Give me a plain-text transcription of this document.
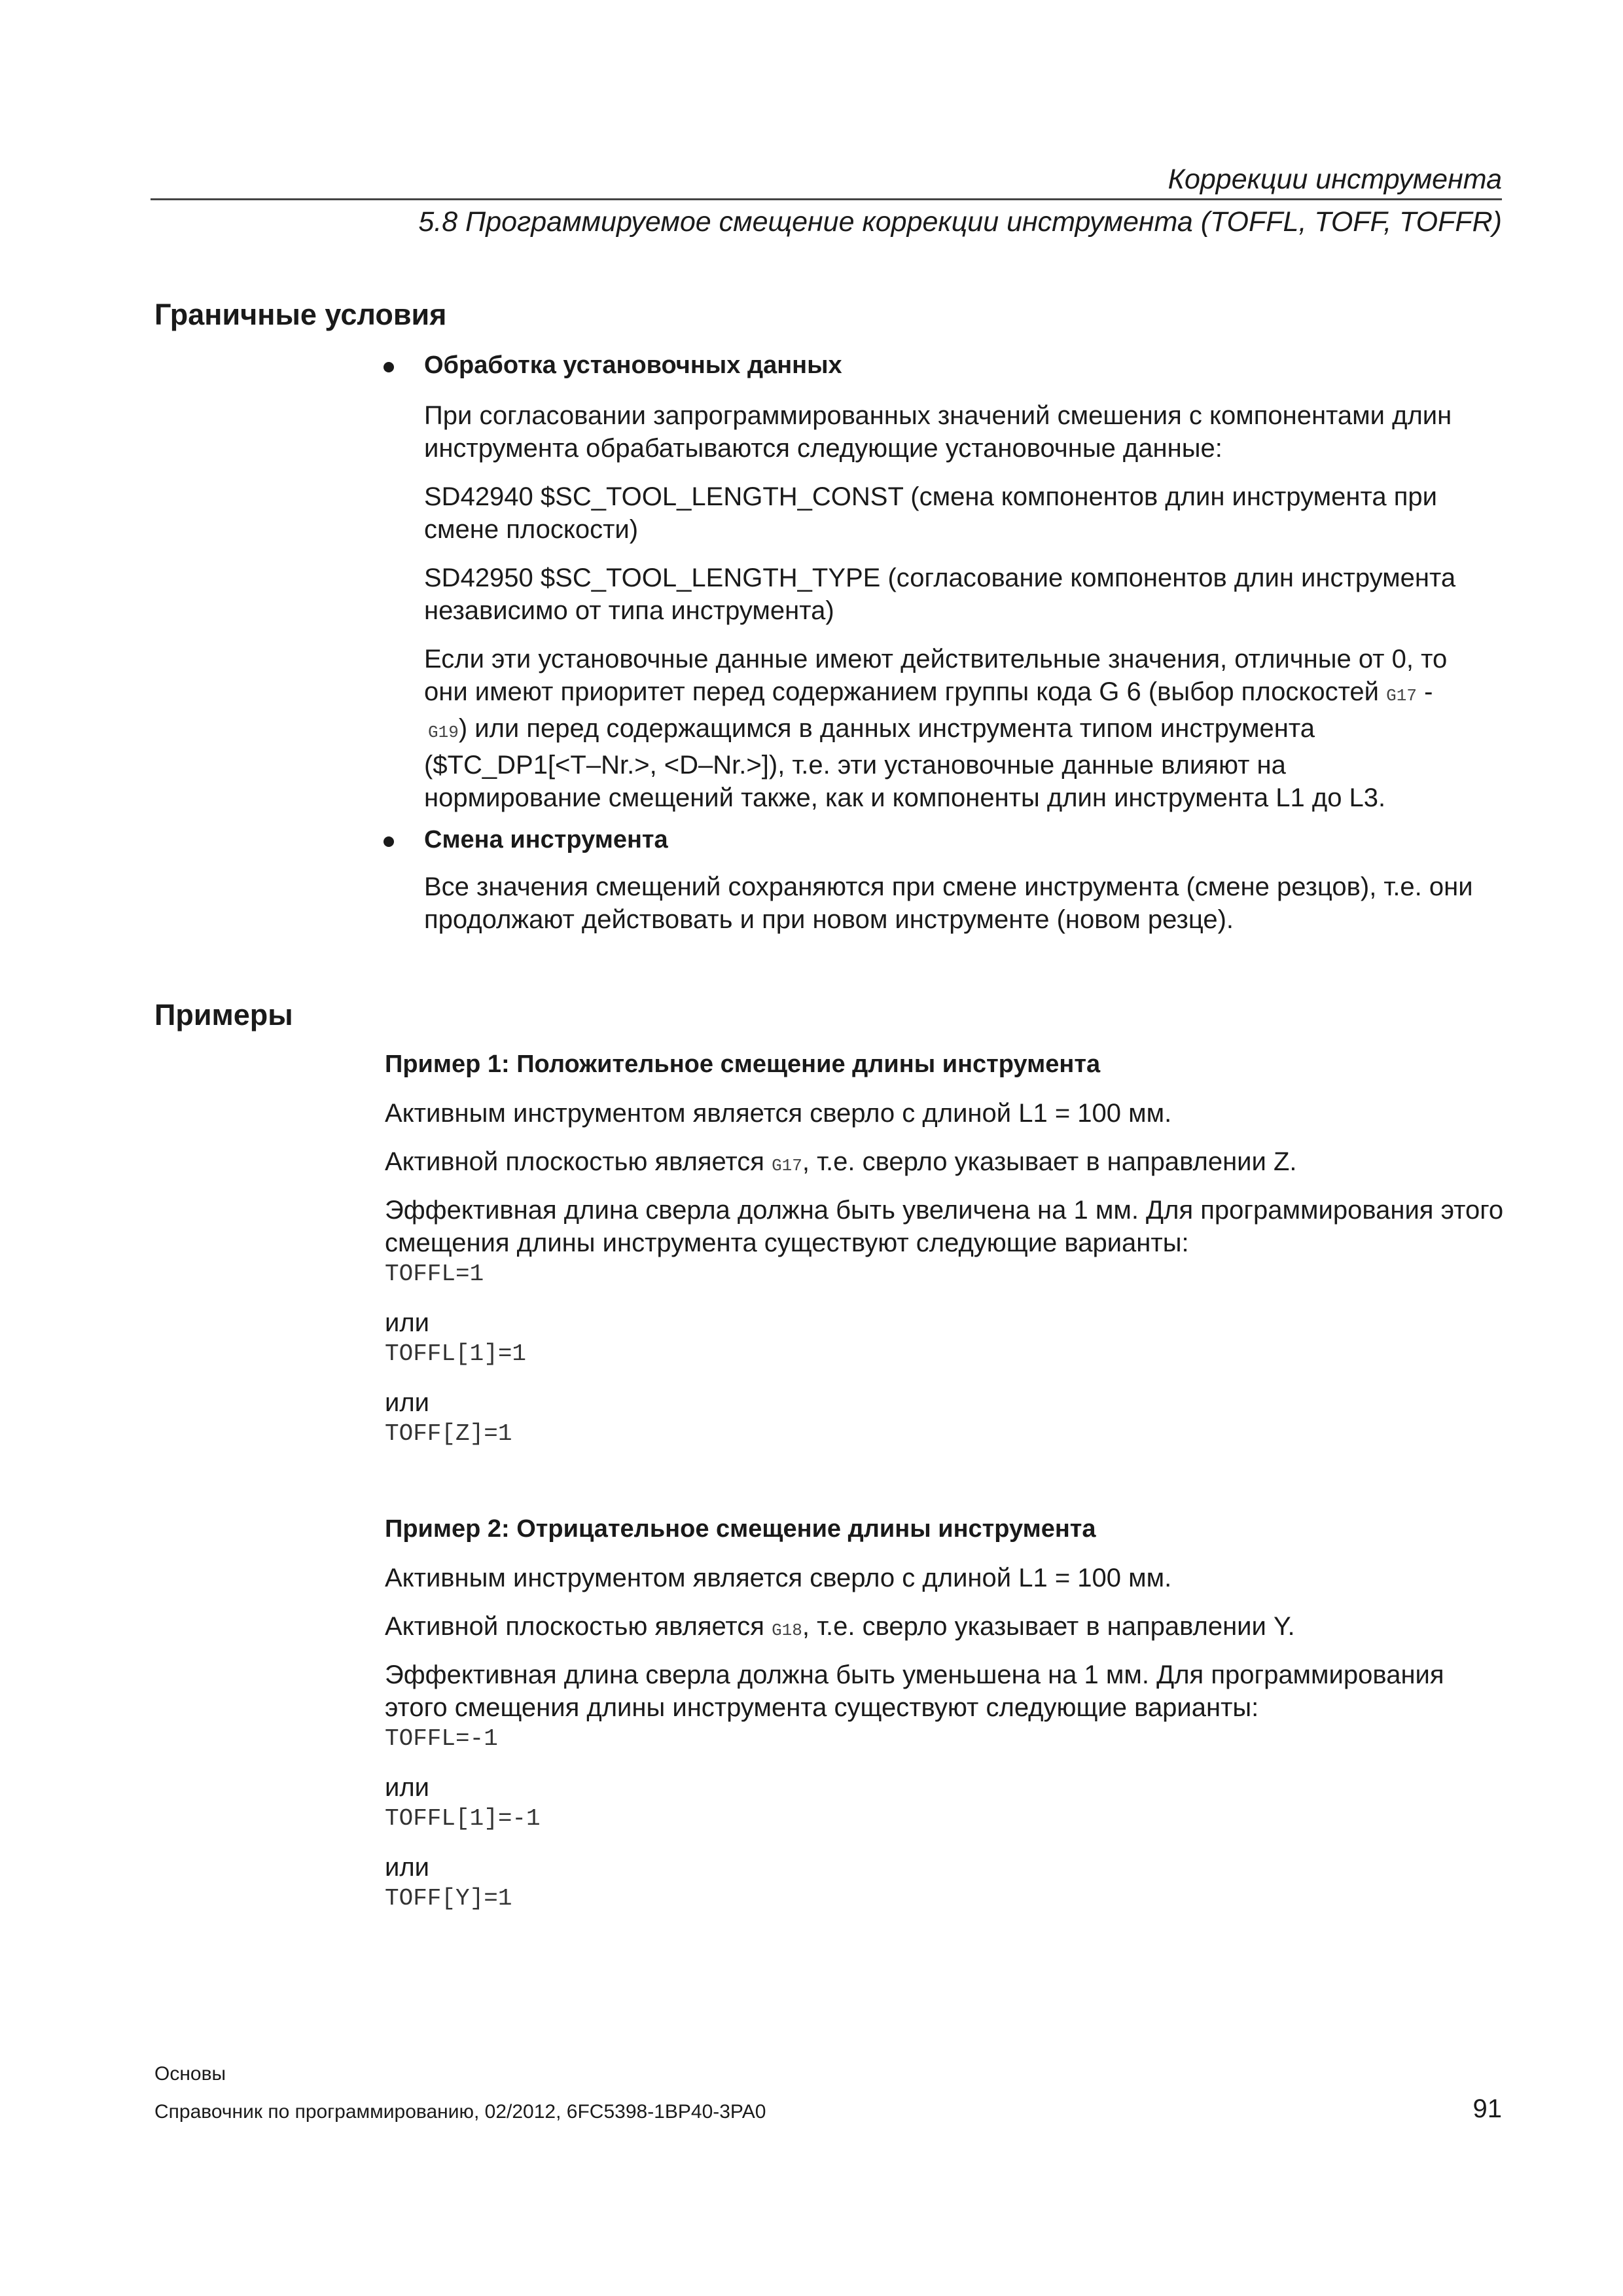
Коррекции инструмента
5.8 Программируемое смещение коррекции инструмента (TOFFL, TOFF, TOFFR)
Граничные условия
Обработка установочных данных
При согласовании запрограммированных значений смешения с компонентами длин инструмента обрабатываются следующие установочные данные:
SD42940 $SC_TOOL_LENGTH_CONST (смена компонентов длин инструмента при смене плоскости)
SD42950 $SC_TOOL_LENGTH_TYPE (согласование компонентов длин инструмента независимо от типа инструмента)
Если эти установочные данные имеют действительные значения, отличные от 0, то
они имеют приоритет перед содержанием группы кода G 6 (выбор плоскостей G17 -
G19) или перед содержащимся в данных инструмента типом инструмента
($TC_DP1[<T–Nr.>, <D–Nr.>]), т.е. эти установочные данные влияют на
нормирование смещений также, как и компоненты длин инструмента L1 до L3.
Смена инструмента
Все значения смещений сохраняются при смене инструмента (смене резцов), т.е. они продолжают действовать и при новом инструменте (новом резце).
Примеры
Пример 1: Положительное смещение длины инструмента
Активным инструментом является сверло с длиной L1 = 100 мм.
Активной плоскостью является G17, т.е. сверло указывает в направлении Z.
Эффективная длина сверла должна быть увеличена на 1 мм. Для программирования этого смещения длины инструмента существуют следующие варианты:
TOFFL=1
или
TOFFL[1]=1
или
TOFF[Z]=1
Пример 2: Отрицательное смещение длины инструмента
Активным инструментом является сверло с длиной L1 = 100 мм.
Активной плоскостью является G18, т.е. сверло указывает в направлении Y.
Эффективная длина сверла должна быть уменьшена на 1 мм. Для программирования этого смещения длины инструмента существуют следующие варианты:
TOFFL=-1
или
TOFFL[1]=-1
или
TOFF[Y]=1
Основы
Справочник по программированию, 02/2012, 6FC5398-1BP40-3PA0	91
